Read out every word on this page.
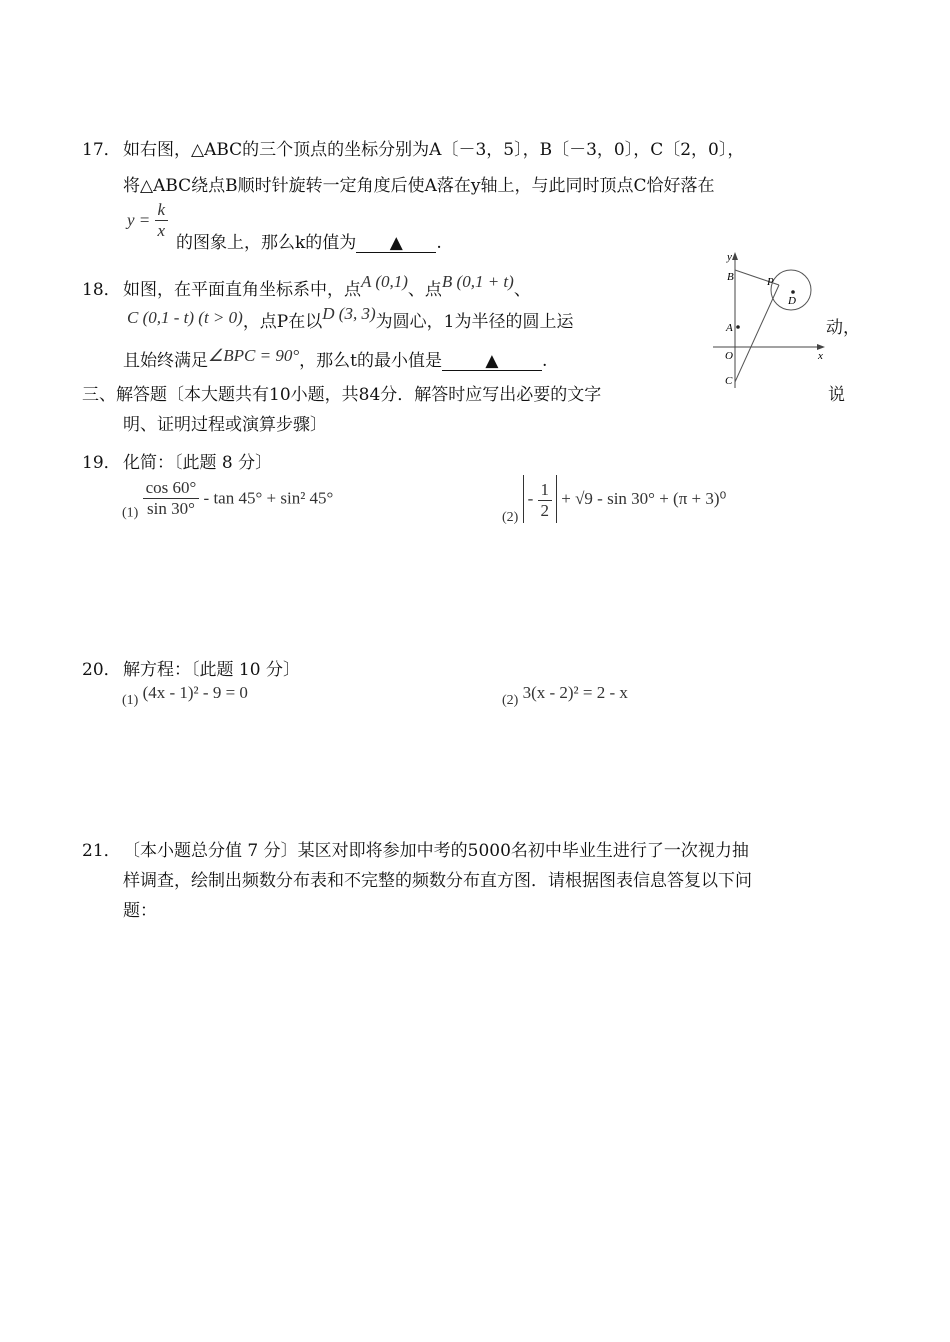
17． 如右图，△ABC的三个顶点的坐标分别为A〔－3，5〕，B〔－3，0〕，C〔2，0〕，
将△ABC绕点B顺时针旋转一定角度后使A落在y轴上，与此同时顶点C恰好落在
$y = \frac{k}{x}$
的图象上，那么k的值为 ▲ .
18． 如图，在平面直角坐标系中，点A (0,1)、点B (0,1 + t)、
C (0,1 - t) (t > 0)，点P在以D (3, 3)为圆心，1为半径的圆上运	动，
且始终满足∠BPC = 90°，那么t的最小值是	▲	.
y
x
B	P
D
A
O
C
三、解答题〔本大题共有10小题，共84分．解答时应写出必要的文字	说
明、证明过程或演算步骤〕
19． 化简：〔此题 8 分〕
$_{(1)} \frac{\cos 60^\circ}{\sin 30^\circ} - \tan 45^\circ + \sin^2$ 45°
$_{(2)} - \frac{1}{2} + √9 - \sin 30^\circ + (\pi + 3)^0$
20． 解方程：〔此题 10 分〕
$_{(1)}$ (4x - 1)² - 9 = 0	$_{(2)}$ 3(x - 2)² = 2 - x
21． 〔本小题总分值 7 分〕某区对即将参加中考的5000名初中毕业生进行了一次视力抽
样调查，绘制出频数分布表和不完整的频数分布直方图．请根据图表信息答复以下问
题：
